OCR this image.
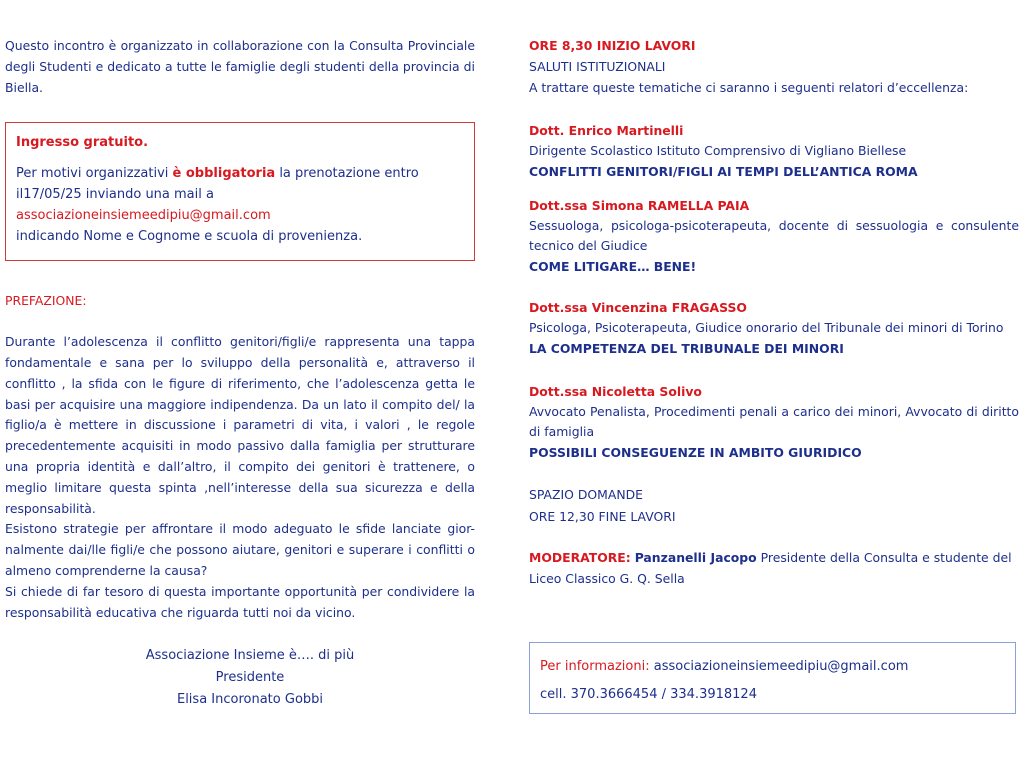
Questo incontro è organizzato in collaborazione con la Consulta Provinciale degli Studenti e dedicato a tutte le famiglie degli studenti della provincia di Biella.

Ingresso gratuito.

Per motivi organizzativi è obbligatoria la prenotazione entro il17/05/25 inviando una mail a

associazioneinsiemeedipiu@gmail.com

indicando Nome e Cognome e scuola di provenienza.

PREFAZIONE:

Durante l’adolescenza il conflitto genitori/figli/e rappresenta una tappa fondamentale e sana per lo sviluppo della personalità e, attraverso il conflitto , la sfida con le figure di riferimento, che l’adolescenza getta le basi per acquisire una maggiore indipendenza. Da un lato il compito del/ la figlio/a è mettere in discussione i parametri di vita, i valori , le regole precedentemente acquisiti in modo passivo dalla famiglia per strutturare una propria identità e dall’altro, il compito dei genitori è trattenere, o meglio limitare questa spinta ,nell’interesse della sua sicurezza e della responsabilità.

Esistono strategie per affrontare il modo adeguato le sfide lanciate gior- nalmente dai/lle figli/e che possono aiutare, genitori e superare i conflitti o almeno comprenderne la causa?

Si chiede di far tesoro di questa importante opportunità per condividere la responsabilità educativa che riguarda tutti noi da vicino.

Associazione Insieme è…. di più

Presidente

Elisa Incoronato Gobbi

ORE 8,30 INIZIO LAVORI

SALUTI ISTITUZIONALI

A trattare queste tematiche ci saranno i seguenti relatori d’eccellenza:

Dott. Enrico Martinelli

Dirigente Scolastico Istituto Comprensivo di Vigliano Biellese

CONFLITTI GENITORI/FIGLI AI TEMPI DELL’ANTICA ROMA

Dott.ssa Simona RAMELLA PAIA

Sessuologa, psicologa-psicoterapeuta, docente di sessuologia e consulente tecnico del Giudice

COME LITIGARE… BENE!

Dott.ssa Vincenzina FRAGASSO

Psicologa, Psicoterapeuta, Giudice onorario del Tribunale dei minori di Torino

LA COMPETENZA DEL TRIBUNALE DEI MINORI

Dott.ssa Nicoletta Solivo

Avvocato Penalista, Procedimenti penali a carico dei minori, Avvocato di diritto di famiglia

POSSIBILI CONSEGUENZE IN AMBITO GIURIDICO

SPAZIO DOMANDE

ORE 12,30 FINE LAVORI

MODERATORE: Panzanelli Jacopo Presidente della Consulta e studente del Liceo Classico G. Q. Sella

Per informazioni: associazioneinsiemeedipiu@gmail.com

cell. 370.3666454 / 334.3918124
